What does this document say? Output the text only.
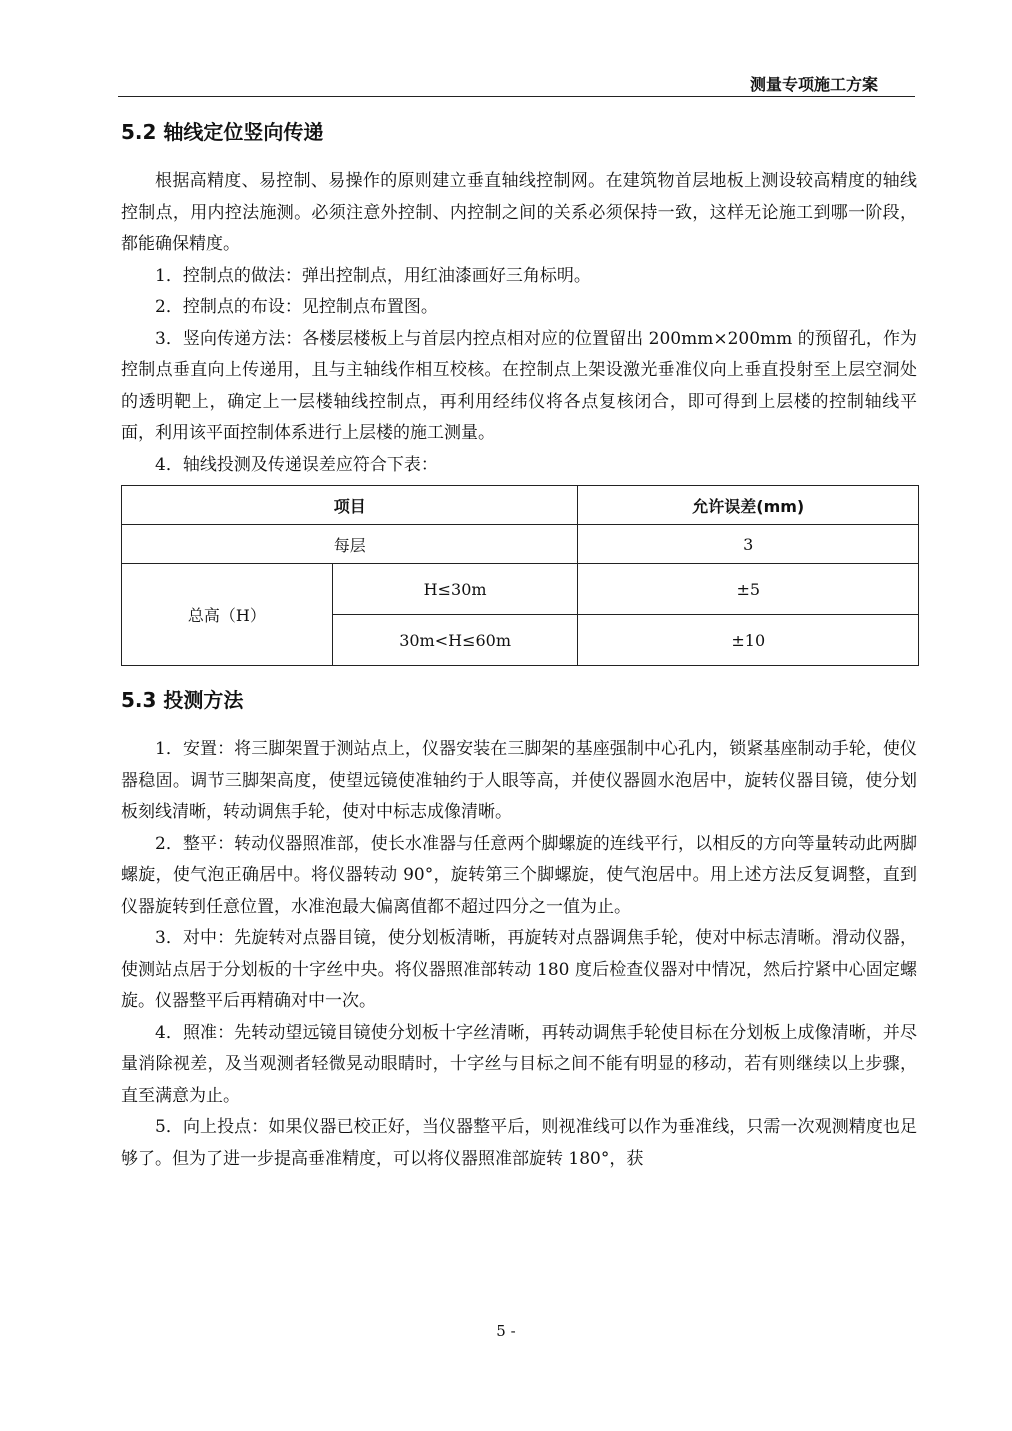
测量专项施工方案
5.2 轴线定位竖向传递

根据高精度、易控制、易操作的原则建立垂直轴线控制网。在建筑物首层地板上测设较高精度的轴线控制点，用内控法施测。必须注意外控制、内控制之间的关系必须保持一致，这样无论施工到哪一阶段，都能确保精度。

1．控制点的做法：弹出控制点，用红油漆画好三角标明。

2．控制点的布设：见控制点布置图。

3．竖向传递方法：各楼层楼板上与首层内控点相对应的位置留出 200mm×200mm 的预留孔，作为控制点垂直向上传递用，且与主轴线作相互校核。在控制点上架设激光垂准仪向上垂直投射至上层空洞处的透明靶上，确定上一层楼轴线控制点，再利用经纬仪将各点复核闭合，即可得到上层楼的控制轴线平面，利用该平面控制体系进行上层楼的施工测量。

4．轴线投测及传递误差应符合下表：

项目		允许误差(mm)
每层		3
总高（H）	H≤30m	±5
	30m<H≤60m	±10
5.3 投测方法

1．安置：将三脚架置于测站点上，仪器安装在三脚架的基座强制中心孔内，锁紧基座制动手轮，使仪器稳固。调节三脚架高度，使望远镜使准轴约于人眼等高，并使仪器圆水泡居中，旋转仪器目镜，使分划板刻线清晰，转动调焦手轮，使对中标志成像清晰。

2．整平：转动仪器照准部，使长水准器与任意两个脚螺旋的连线平行，以相反的方向等量转动此两脚螺旋，使气泡正确居中。将仪器转动 90°，旋转第三个脚螺旋，使气泡居中。用上述方法反复调整，直到仪器旋转到任意位置，水准泡最大偏离值都不超过四分之一值为止。

3．对中：先旋转对点器目镜，使分划板清晰，再旋转对点器调焦手轮，使对中标志清晰。滑动仪器，使测站点居于分划板的十字丝中央。将仪器照准部转动 180 度后检查仪器对中情况，然后拧紧中心固定螺旋。仪器整平后再精确对中一次。

4．照准：先转动望远镜目镜使分划板十字丝清晰，再转动调焦手轮使目标在分划板上成像清晰，并尽量消除视差，及当观测者轻微晃动眼睛时，十字丝与目标之间不能有明显的移动，若有则继续以上步骤，直至满意为止。

5．向上投点：如果仪器已校正好，当仪器整平后，则视准线可以作为垂准线，只需一次观测精度也足够了。但为了进一步提高垂准精度，可以将仪器照准部旋转 180°，获

5 -
